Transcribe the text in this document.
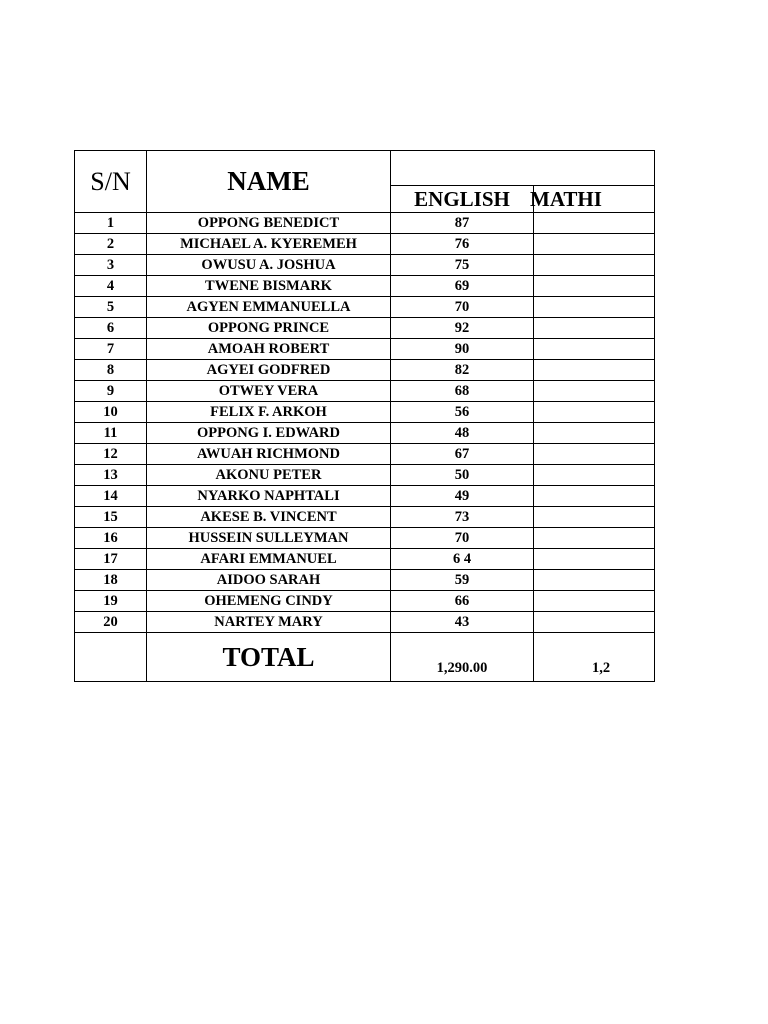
S/N	NAME		
		ENGLISH	MATHI
1	OPPONG BENEDICT	87	
2	MICHAEL A. KYEREMEH	76	
3	OWUSU A. JOSHUA	75	
4	TWENE BISMARK	69	
5	AGYEN EMMANUELLA	70	
6	OPPONG PRINCE	92	
7	AMOAH ROBERT	90	
8	AGYEI GODFRED	82	
9	OTWEY VERA	68	
10	FELIX F. ARKOH	56	
11	OPPONG I. EDWARD	48	
12	AWUAH RICHMOND	67	
13	AKONU PETER	50	
14	NYARKO NAPHTALI	49	
15	AKESE B. VINCENT	73	
16	HUSSEIN SULLEYMAN	70	
17	AFARI EMMANUEL	6 4	
18	AIDOO SARAH	59	
19	OHEMENG CINDY	66	
20	NARTEY MARY	43	
	TOTAL	1,290.00	1,2
